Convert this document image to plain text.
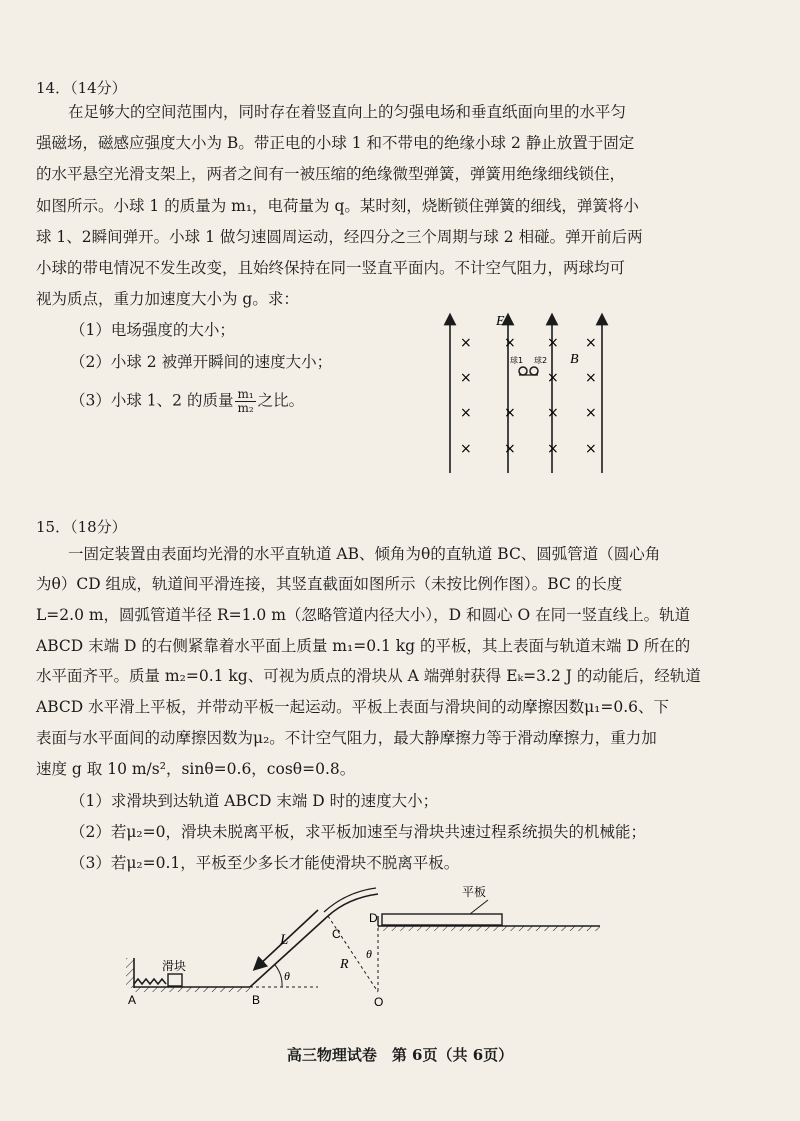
14．（14分）
在足够大的空间范围内，同时存在着竖直向上的匀强电场和垂直纸面向里的水平匀
强磁场，磁感应强度大小为 B。带正电的小球 1 和不带电的绝缘小球 2 静止放置于固定
的水平悬空光滑支架上，两者之间有一被压缩的绝缘微型弹簧，弹簧用绝缘细线锁住，
如图所示。小球 1 的质量为 m₁，电荷量为 q。某时刻，烧断锁住弹簧的细线，弹簧将小
球 1、2瞬间弹开。小球 1 做匀速圆周运动，经四分之三个周期与球 2 相碰。弹开前后两
小球的带电情况不发生改变，且始终保持在同一竖直平面内。不计空气阻力，两球均可
视为质点，重力加速度大小为 g。求：
（1）电场强度的大小；
（2）小球 2 被弹开瞬间的速度大小；
（3）小球 1、2 的质量 $\frac{\text{m₁}}{\text{m₂}}$ 之比。
E
B
×
×
×
×
×
×
×
×
×
×
×
×
×
×
×
球1 球2
15．（18分）
一固定装置由表面均光滑的水平直轨道 AB、倾角为θ的直轨道 BC、圆弧管道（圆心角
为θ）CD 组成，轨道间平滑连接，其竖直截面如图所示（未按比例作图）。BC 的长度
L=2.0 m，圆弧管道半径 R=1.0 m（忽略管道内径大小），D 和圆心 O 在同一竖直线上。轨道
ABCD 末端 D 的右侧紧靠着水平面上质量 m₁=0.1 kg 的平板，其上表面与轨道末端 D 所在的
水平面齐平。质量 m₂=0.1 kg、可视为质点的滑块从 A 端弹射获得 Eₖ=3.2 J 的动能后，经轨道
ABCD 水平滑上平板，并带动平板一起运动。平板上表面与滑块间的动摩擦因数μ₁=0.6、下
表面与水平面间的动摩擦因数为μ₂。不计空气阻力，最大静摩擦力等于滑动摩擦力，重力加
速度 g 取 10 m/s²，sinθ=0.6，cosθ=0.8。
（1）求滑块到达轨道 ABCD 末端 D 时的速度大小；
（2）若μ₂=0，滑块未脱离平板，求平板加速至与滑块共速过程系统损失的机械能；
（3）若μ₂=0.1，平板至少多长才能使滑块不脱离平板。
滑块
θ
L
R
θ
A	B
C
D
O
平板
高三物理试卷　第 6页（共 6页）
